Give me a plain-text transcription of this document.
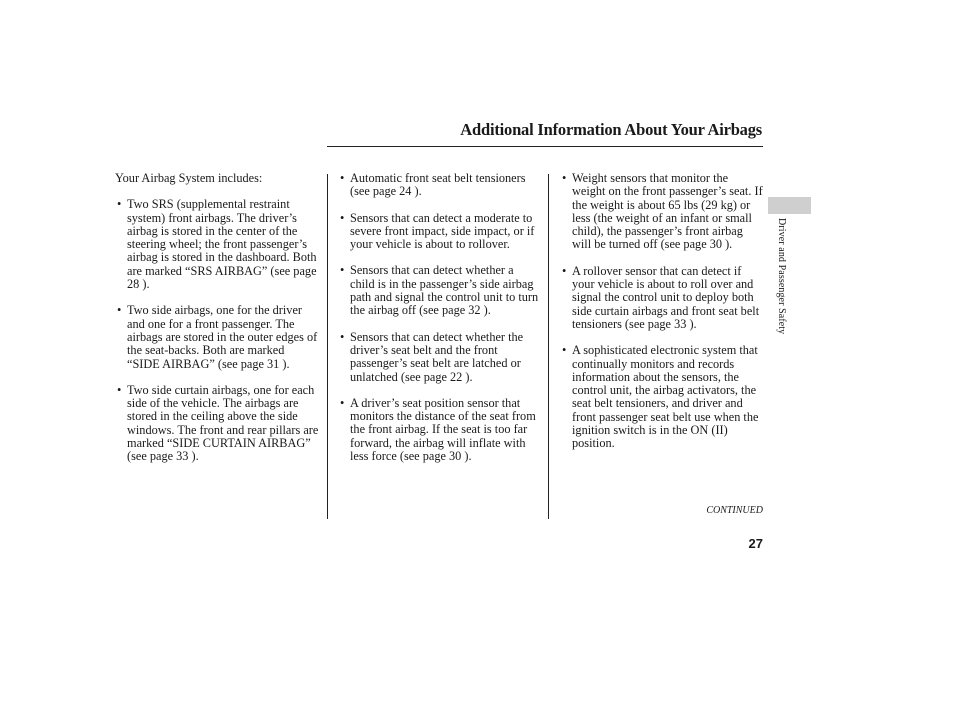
Additional Information About Your Airbags
Driver and Passenger Safety

Your Airbag System includes:

• Two SRS (supplemental restraint system) front airbags. The driver’s airbag is stored in the center of the steering wheel; the front passenger’s airbag is stored in the dashboard. Both are marked “SRS AIRBAG” (see page 28 ).
• Two side airbags, one for the driver and one for a front passenger. The airbags are stored in the outer edges of the seat-backs. Both are marked “SIDE AIRBAG” (see page 31 ).
• Two side curtain airbags, one for each side of the vehicle. The airbags are stored in the ceiling above the side windows. The front and rear pillars are marked “SIDE CURTAIN AIRBAG” (see page 33 ).
• Automatic front seat belt tensioners (see page 24 ).
• Sensors that can detect a moderate to severe front impact, side impact, or if your vehicle is about to rollover.
• Sensors that can detect whether a child is in the passenger’s side airbag path and signal the control unit to turn the airbag off (see page 32 ).
• Sensors that can detect whether the driver’s seat belt and the front passenger’s seat belt are latched or unlatched (see page 22 ).
• A driver’s seat position sensor that monitors the distance of the seat from the front airbag. If the seat is too far forward, the airbag will inflate with less force (see page 30 ).
• Weight sensors that monitor the weight on the front passenger’s seat. If the weight is about 65 lbs (29 kg) or less (the weight of an infant or small child), the passenger’s front airbag will be turned off (see page 30 ).
• A rollover sensor that can detect if your vehicle is about to roll over and signal the control unit to deploy both side curtain airbags and front seat belt tensioners (see page 33 ).
• A sophisticated electronic system that continually monitors and records information about the sensors, the control unit, the airbag activators, the seat belt tensioners, and driver and front passenger seat belt use when the ignition switch is in the ON (II) position.
CONTINUED
27
